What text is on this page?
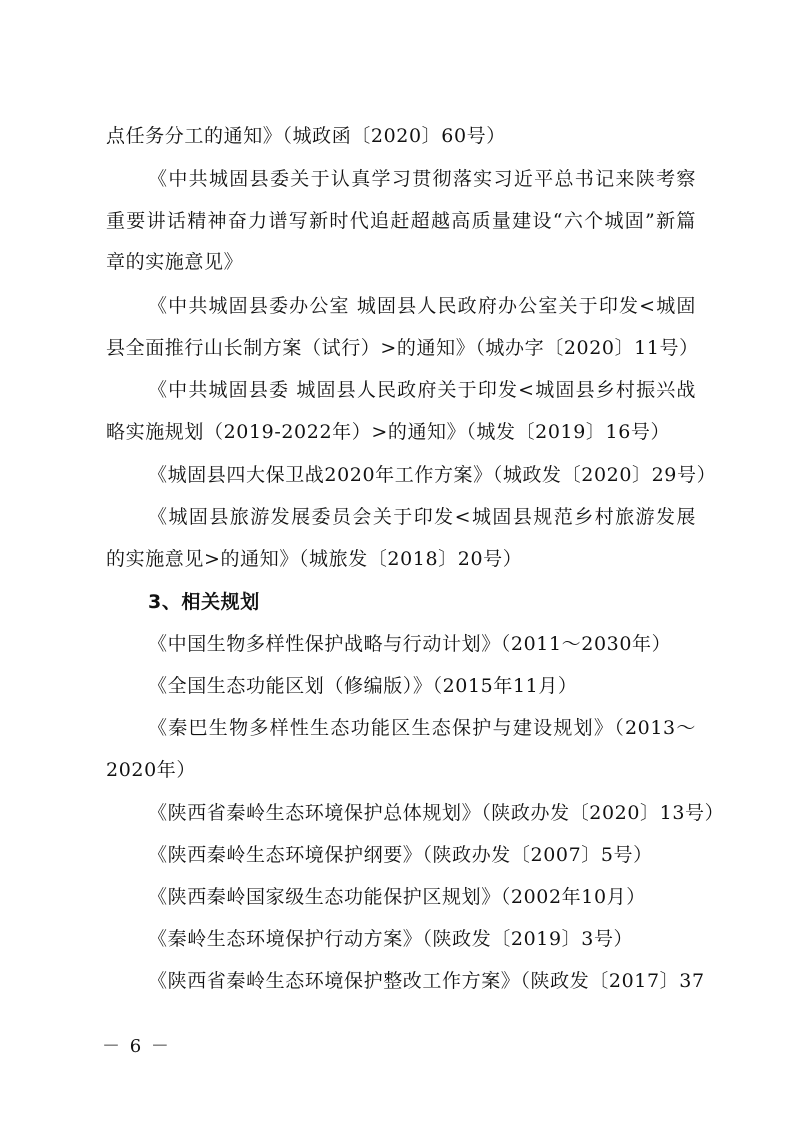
点任务分工的通知》（城政函〔2020〕60号）
《中共城固县委关于认真学习贯彻落实习近平总书记来陕考察
重要讲话精神奋力谱写新时代追赶超越高质量建设“六个城固”新篇
章的实施意见》
《中共城固县委办公室 城固县人民政府办公室关于印发<城固
县全面推行山长制方案（试行）>的通知》（城办字〔2020〕11号）
《中共城固县委 城固县人民政府关于印发<城固县乡村振兴战
略实施规划（2019-2022年）>的通知》（城发〔2019〕16号）
《城固县四大保卫战2020年工作方案》（城政发〔2020〕29号）
《城固县旅游发展委员会关于印发<城固县规范乡村旅游发展
的实施意见>的通知》（城旅发〔2018〕20号）
3、相关规划
《中国生物多样性保护战略与行动计划》（2011～2030年）
《全国生态功能区划（修编版）》（2015年11月）
《秦巴生物多样性生态功能区生态保护与建设规划》（2013～
2020年）
《陕西省秦岭生态环境保护总体规划》（陕政办发〔2020〕13号）
《陕西秦岭生态环境保护纲要》（陕政办发〔2007〕5号）
《陕西秦岭国家级生态功能保护区规划》（2002年10月）
《秦岭生态环境保护行动方案》（陕政发〔2019〕3号）
《陕西省秦岭生态环境保护整改工作方案》（陕政发〔2017〕37
－ 6 －
